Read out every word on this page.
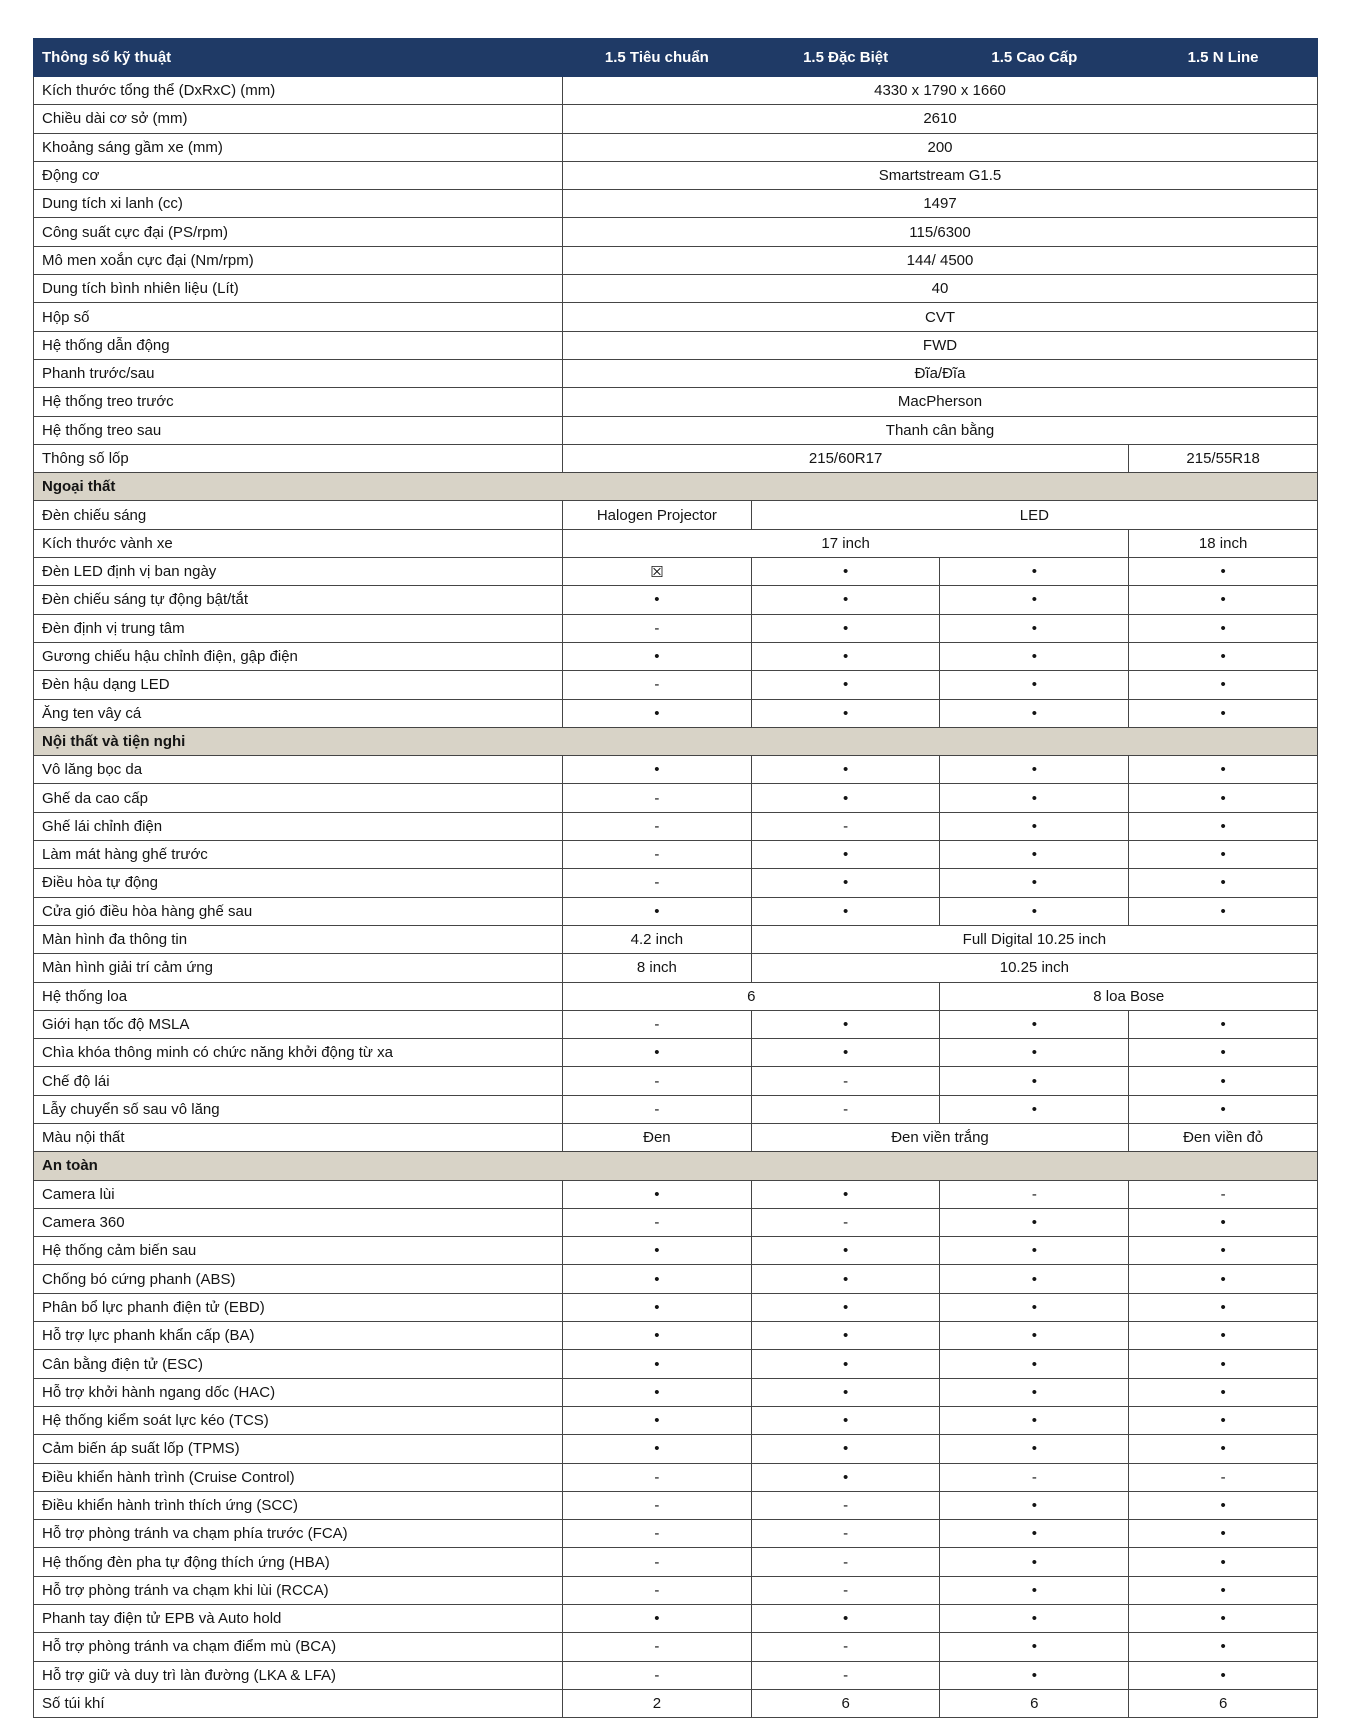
Thông số kỹ thuật	1.5 Tiêu chuẩn	1.5 Đặc Biệt	1.5 Cao Cấp	1.5 N Line
Kích thước tổng thể (DxRxC) (mm)	4330 x 1790 x 1660			
Chiều dài cơ sở (mm)	2610			
Khoảng sáng gầm xe (mm)	200			
Động cơ	Smartstream G1.5			
Dung tích xi lanh (cc)	1497			
Công suất cực đại (PS/rpm)	115/6300			
Mô men xoắn cực đại (Nm/rpm)	144/ 4500			
Dung tích bình nhiên liệu (Lít)	40			
Hộp số	CVT			
Hệ thống dẫn động	FWD			
Phanh trước/sau	Đĩa/Đĩa			
Hệ thống treo trước	MacPherson			
Hệ thống treo sau	Thanh cân bằng			
Thông số lốp	215/60R17			215/55R18
Ngoại thất				
Đèn chiếu sáng	Halogen Projector	LED		
Kích thước vành xe	17 inch			18 inch
Đèn LED định vị ban ngày	☒	•	•	•
Đèn chiếu sáng tự động bật/tắt	•	•	•	•
Đèn định vị trung tâm	-	•	•	•
Gương chiếu hậu chỉnh điện, gập điện	•	•	•	•
Đèn hậu dạng LED	-	•	•	•
Ăng ten vây cá	•	•	•	•
Nội thất và tiện nghi				
Vô lăng bọc da	•	•	•	•
Ghế da cao cấp	-	•	•	•
Ghế lái chỉnh điện	-	-	•	•
Làm mát hàng ghế trước	-	•	•	•
Điều hòa tự động	-	•	•	•
Cửa gió điều hòa hàng ghế sau	•	•	•	•
Màn hình đa thông tin	4.2 inch	Full Digital 10.25 inch		
Màn hình giải trí cảm ứng	8 inch	10.25 inch		
Hệ thống loa	6		8 loa Bose	
Giới hạn tốc độ MSLA	-	•	•	•
Chìa khóa thông minh có chức năng khởi động từ xa	•	•	•	•
Chế độ lái	-	-	•	•
Lẫy chuyển số sau vô lăng	-	-	•	•
Màu nội thất	Đen	Đen viền trắng		Đen viền đỏ
An toàn				
Camera lùi	•	•	-	-
Camera 360	-	-	•	•
Hệ thống cảm biến sau	•	•	•	•
Chống bó cứng phanh (ABS)	•	•	•	•
Phân bổ lực phanh điện tử (EBD)	•	•	•	•
Hỗ trợ lực phanh khẩn cấp (BA)	•	•	•	•
Cân bằng điện tử (ESC)	•	•	•	•
Hỗ trợ khởi hành ngang dốc (HAC)	•	•	•	•
Hệ thống kiểm soát lực kéo (TCS)	•	•	•	•
Cảm biến áp suất lốp (TPMS)	•	•	•	•
Điều khiển hành trình (Cruise Control)	-	•	-	-
Điều khiển hành trình thích ứng (SCC)	-	-	•	•
Hỗ trợ phòng tránh va chạm phía trước (FCA)	-	-	•	•
Hệ thống đèn pha tự động thích ứng (HBA)	-	-	•	•
Hỗ trợ phòng tránh va chạm khi lùi (RCCA)	-	-	•	•
Phanh tay điện tử EPB và Auto hold	•	•	•	•
Hỗ trợ phòng tránh va chạm điểm mù (BCA)	-	-	•	•
Hỗ trợ giữ và duy trì làn đường (LKA & LFA)	-	-	•	•
Số túi khí	2	6	6	6
